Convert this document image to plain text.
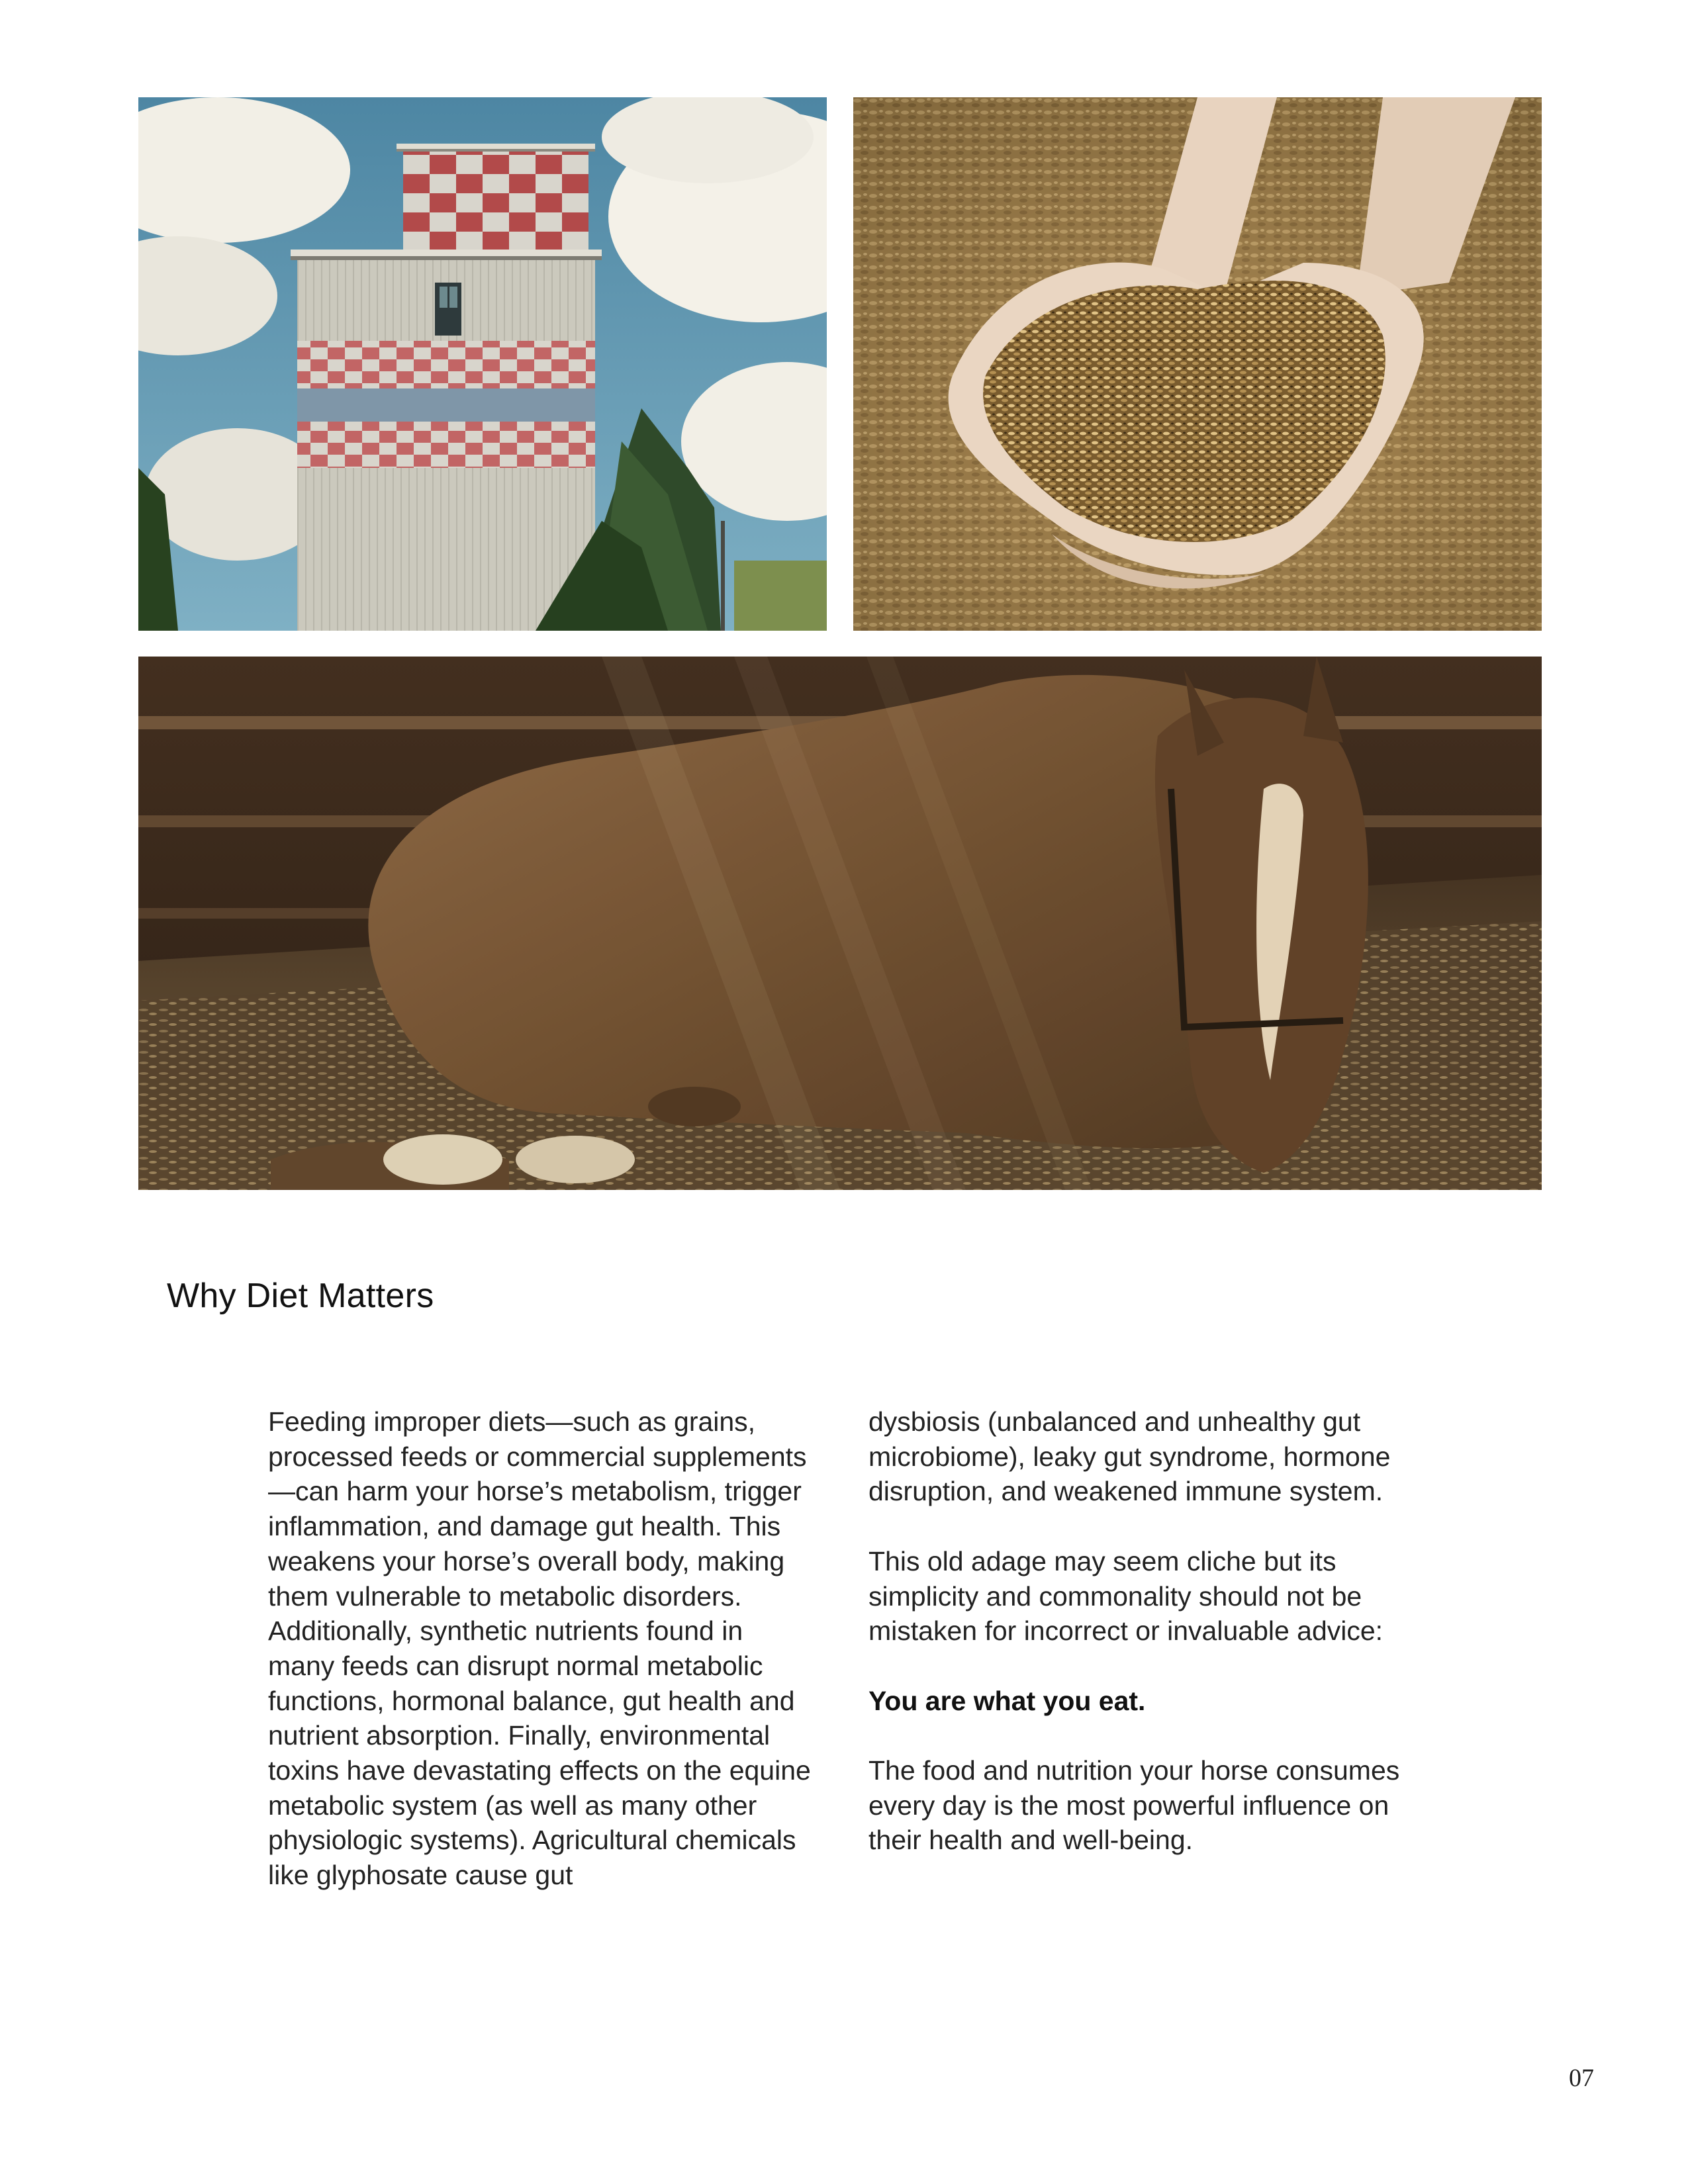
Why Diet Matters

Feeding improper diets—such as grains, processed feeds or commercial supplements—can harm your horse’s metabolism, trigger inflammation, and damage gut health. This weakens your horse’s overall body, making them vulnerable to metabolic disorders. Additionally, synthetic nutrients found in many feeds can disrupt normal metabolic functions, hormonal balance, gut health and nutrient absorption. Finally, environmental toxins have devastating effects on the equine metabolic system (as well as many other physiologic systems). Agricultural chemicals like glyphosate cause gut

dysbiosis (unbalanced and unhealthy gut microbiome), leaky gut syndrome, hormone disruption, and weakened immune system.

This old adage may seem cliche but its simplicity and commonality should not be mistaken for incorrect or invaluable advice:

You are what you eat.

The food and nutrition your horse consumes every day is the most powerful influence on their health and well-being.

07
